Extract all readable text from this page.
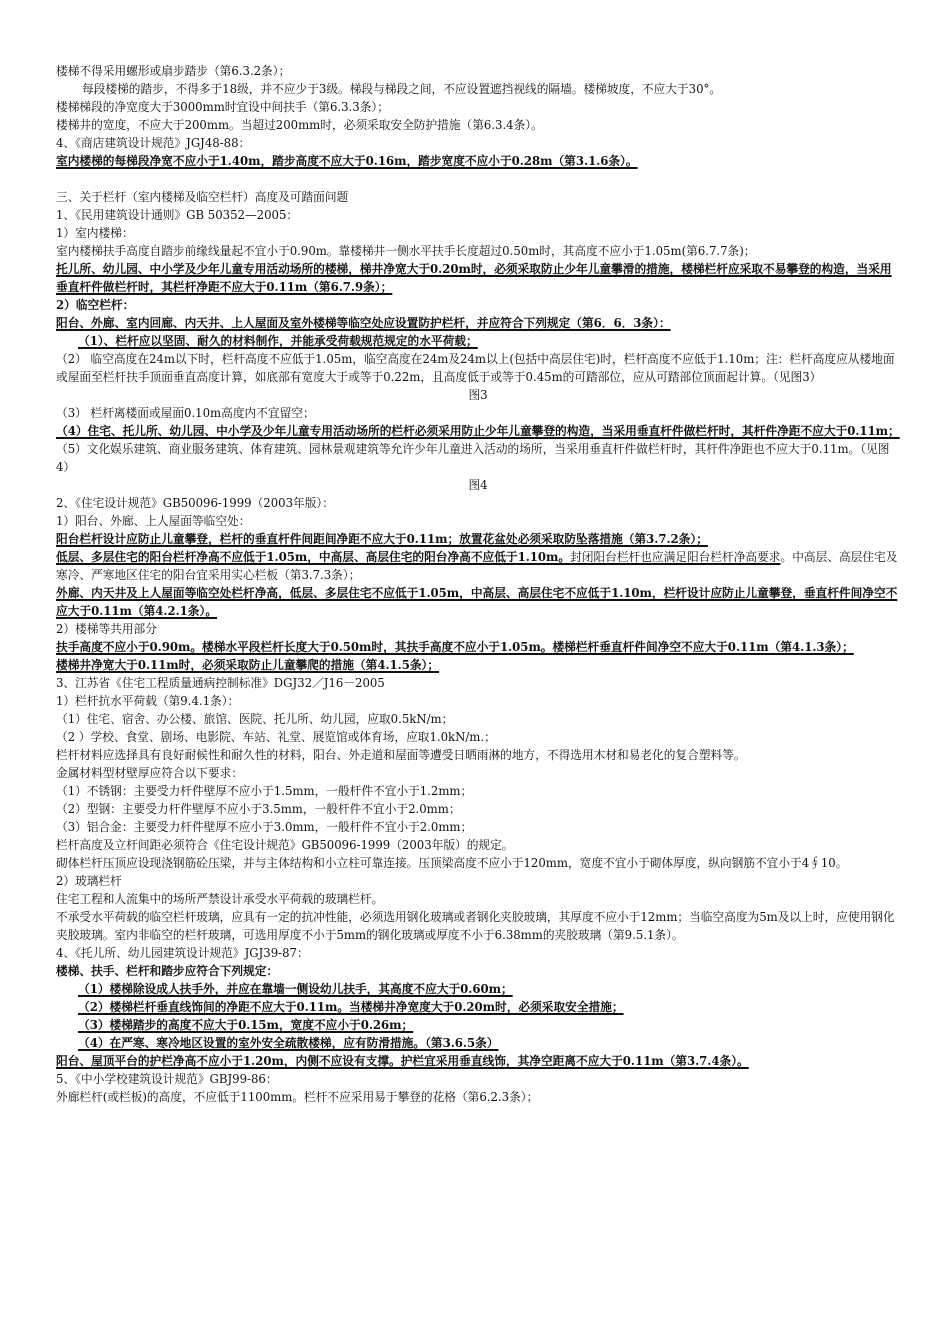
楼梯不得采用螺形或扇步踏步（第6.3.2条）；

每段楼梯的踏步，不得多于18级，并不应少于3级。梯段与梯段之间，不应设置遮挡视线的隔墙。楼梯坡度，不应大于30°。

楼梯梯段的净宽度大于3000mm时宜设中间扶手（第6.3.3条）；

楼梯井的宽度，不应大于200mm。当超过200mm时，必须采取安全防护措施（第6.3.4条）。

4、《商店建筑设计规范》JGJ48-88：

室内楼梯的每梯段净宽不应小于1.40m，踏步高度不应大于0.16m，踏步宽度不应小于0.28m（第3.1.6条）。

三、关于栏杆（室内楼梯及临空栏杆）高度及可踏面问题

1、《民用建筑设计通则》GB 50352—2005：

1）室内楼梯：

室内楼梯扶手高度自踏步前缘线量起不宜小于0.90m。靠楼梯井一侧水平扶手长度超过0.50m时，其高度不应小于1.05m(第6.7.7条)；

托儿所、幼儿园、中小学及少年儿童专用活动场所的楼梯，梯井净宽大于0.20m时，必须采取防止少年儿童攀滑的措施，楼梯栏杆应采取不易攀登的构造，当采用垂直杆件做栏杆时，其栏杆净距不应大于0.11m（第6.7.9条）；

2）临空栏杆：

阳台、外廊、室内回廊、内天井、上人屋面及室外楼梯等临空处应设置防护栏杆，并应符合下列规定（第6．6．3条）：

（1）、栏杆应以坚固、耐久的材料制作，并能承受荷载规范规定的水平荷载；

（2） 临空高度在24m以下时，栏杆高度不应低于1.05m，临空高度在24m及24m以上(包括中高层住宅)时，栏杆高度不应低于1.10m；注：栏杆高度应从楼地面或屋面至栏杆扶手顶面垂直高度计算，如底部有宽度大于或等于0.22m，且高度低于或等于0.45m的可踏部位，应从可踏部位顶面起计算。（见图3）

图3

（3） 栏杆离楼面或屋面0.10m高度内不宜留空；

（4）住宅、托儿所、幼儿园、中小学及少年儿童专用活动场所的栏杆必须采用防止少年儿童攀登的构造，当采用垂直杆件做栏杆时，其杆件净距不应大于0.11m；

（5）文化娱乐建筑、商业服务建筑、体育建筑、园林景观建筑等允许少年儿童进入活动的场所，当采用垂直杆件做栏杆时，其杆件净距也不应大于0.11m。（见图4）

图4

2、《住宅设计规范》GB50096-1999（2003年版）：

1）阳台、外廊、上人屋面等临空处：

阳台栏杆设计应防止儿童攀登，栏杆的垂直杆件间距间净距不应大于0.11m；放置花盆处必须采取防坠落措施（第3.7.2条）；

低层、多层住宅的阳台栏杆净高不应低于1.05m，中高层、高层住宅的阳台净高不应低于1.10m。封闭阳台栏杆也应满足阳台栏杆净高要求。中高层、高层住宅及寒冷、严寒地区住宅的阳台宜采用实心栏板（第3.7.3条）；

外廊、内天井及上人屋面等临空处栏杆净高，低层、多层住宅不应低于1.05m，中高层、高层住宅不应低于1.10m，栏杆设计应防止儿童攀登，垂直杆件间净空不应大于0.11m（第4.2.1条）。

2）楼梯等共用部分

扶手高度不应小于0.90m。楼梯水平段栏杆长度大于0.50m时，其扶手高度不应小于1.05m。楼梯栏杆垂直杆件间净空不应大于0.11m（第4.1.3条）；

楼梯井净宽大于0.11m时，必须采取防止儿童攀爬的措施（第4.1.5条）；

3、江苏省《住宅工程质量通病控制标准》DGJ32／J16－2005

1）栏杆抗水平荷载（第9.4.1条）：

（1）住宅、宿舍、办公楼、旅馆、医院、托儿所、幼儿园，应取0.5kN/m；

（2 ）学校、食堂、剧场、电影院、车站、礼堂、展览馆或体育场，应取1.0kN/m.；

栏杆材料应选择具有良好耐候性和耐久性的材料，阳台、外走道和屋面等遭受日晒雨淋的地方，不得选用木材和易老化的复合塑料等。

金属材料型材壁厚应符合以下要求：

（1）不锈钢：主要受力杆件壁厚不应小于1.5mm，一般杆件不宜小于1.2mm；

（2）型钢：主要受力杆件壁厚不应小于3.5mm，一般杆件不宜小于2.0mm；

（3）铝合金：主要受力杆件壁厚不应小于3.0mm，一般杆件不宜小于2.0mm；

栏杆高度及立杆间距必须符合《住宅设计规范》GB50096-1999（2003年版）的规定。

砌体栏杆压顶应设现浇钢筋砼压梁，并与主体结构和小立柱可靠连接。压顶梁高度不应小于120mm，宽度不宜小于砌体厚度，纵向钢筋不宜小于4∮10。

2）玻璃栏杆

住宅工程和人流集中的场所严禁设计承受水平荷载的玻璃栏杆。

不承受水平荷载的临空栏杆玻璃，应具有一定的抗冲性能，必须选用钢化玻璃或者钢化夹胶玻璃，其厚度不应小于12mm；当临空高度为5m及以上时，应使用钢化夹胶玻璃。室内非临空的栏杆玻璃，可选用厚度不小于5mm的钢化玻璃或厚度不小于6.38mm的夹胶玻璃（第9.5.1条）。

4、《托儿所、幼儿园建筑设计规范》JGJ39-87：

楼梯、扶手、栏杆和踏步应符合下列规定：

（1）楼梯除设成人扶手外，并应在靠墙一侧设幼儿扶手，其高度不应大于0.60m；

（2）楼梯栏杆垂直线饰间的净距不应大于0.11m。当楼梯井净宽度大于0.20m时，必须采取安全措施；

（3）楼梯踏步的高度不应大于0.15m，宽度不应小于0.26m；

（4）在严寒、寒冷地区设置的室外安全疏散楼梯，应有防滑措施。（第3.6.5条）

阳台、屋顶平台的护栏净高不应小于1.20m，内侧不应设有支撑。护栏宜采用垂直线饰，其净空距离不应大于0.11m（第3.7.4条）。

5、《中小学校建筑设计规范》GBJ99-86：

外廊栏杆(或栏板)的高度，不应低于1100mm。栏杆不应采用易于攀登的花格（第6.2.3条）；
